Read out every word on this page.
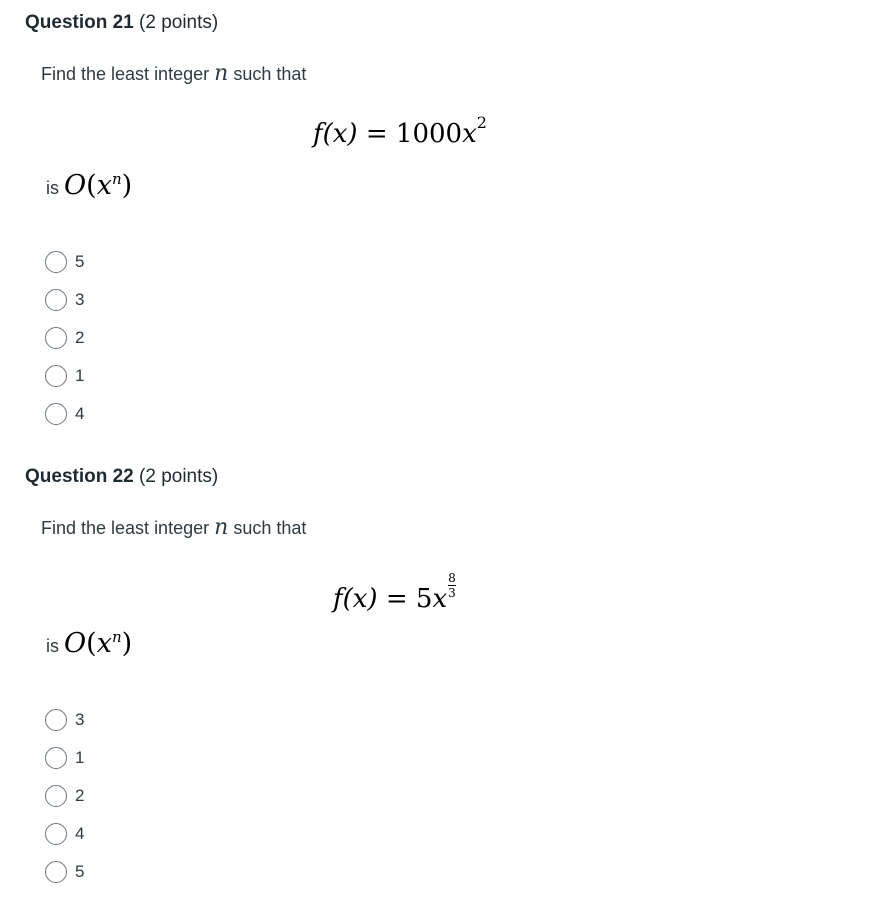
Question 21 (2 points)
Find the least integer n such that
$f(x) = 1000x^2$
is $O(x^n)$
5
3
2
1
4
Question 22 (2 points)
Find the least integer n such that
$f(x) = 5x\frac{8}{3}$
is $O(x^n)$
3
1
2
4
5
